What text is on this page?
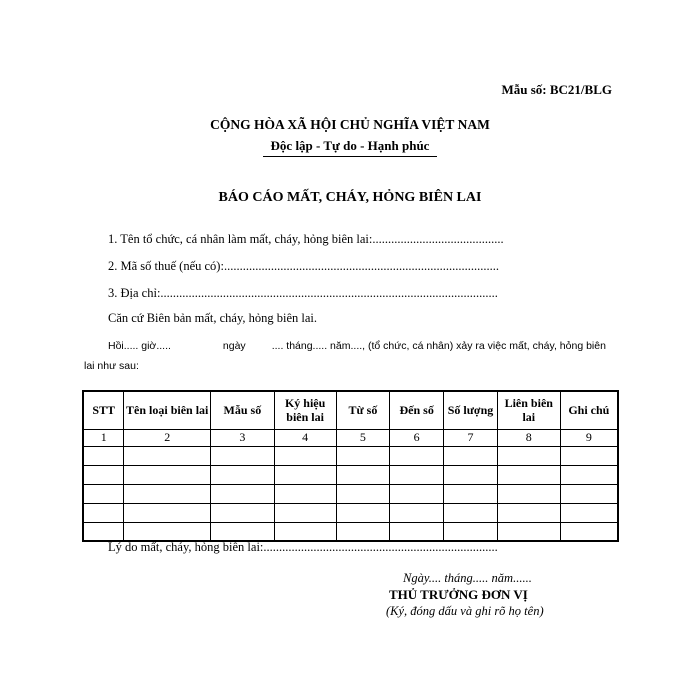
Mẫu số: BC21/BLG
CỘNG HÒA XÃ HỘI CHỦ NGHĨA VIỆT NAM
Độc lập - Tự do - Hạnh phúc
BÁO CÁO MẤT, CHÁY, HỎNG BIÊN LAI
1. Tên tổ chức, cá nhân làm mất, cháy, hỏng biên lai:..........................................
2. Mã số thuế (nếu có):........................................................................................
3. Địa chỉ:............................................................................................................
Căn cứ Biên bản mất, cháy, hỏng biên lai.
Hồi..... giờ.....	ngày .... tháng..... năm...., (tổ chức, cá nhân) xảy ra việc mất, cháy, hỏng biên
lai như sau:
STT	Tên loại biên lai	Mẫu số	Ký hiệu biên lai	Từ số	Đến số	Số lượng	Liên biên lai	Ghi chú
1	2	3	4	5	6	7	8	9

Lý do mất, cháy, hỏng biên lai:...........................................................................
Ngày.... tháng..... năm......
THỦ TRƯỞNG ĐƠN VỊ
(Ký, đóng dấu và ghi rõ họ tên)
